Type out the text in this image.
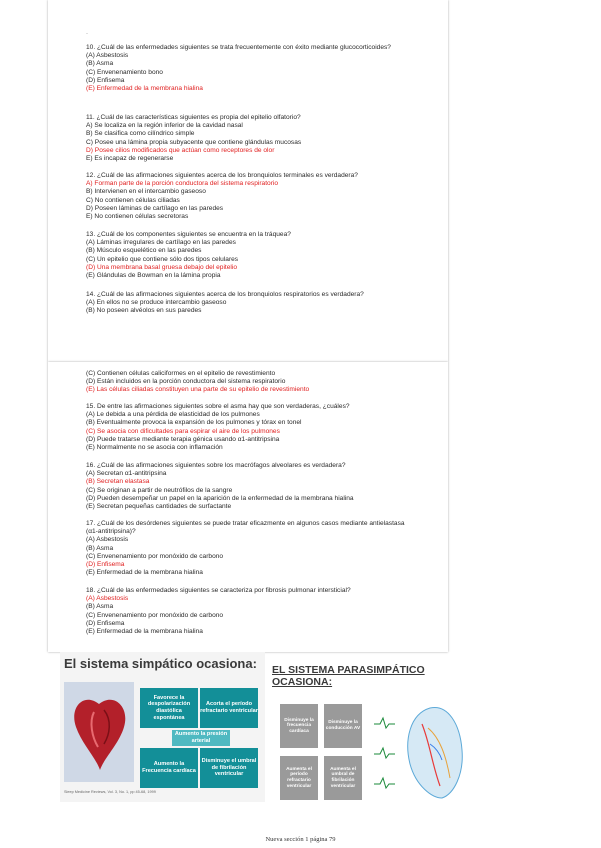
·
10. ¿Cuál de las enfermedades siguientes se trata frecuentemente con éxito mediante glucocorticoides?
(A) Asbestosis
(B) Asma
(C) Envenenamiento bono
(D) Enfisema
(E) Enfermedad de la membrana hialina
11. ¿Cuál de las características siguientes es propia del epitelio olfatorio?
A) Se localiza en la región inferior de la cavidad nasal
B) Se clasifica como cilíndrico simple
C) Posee una lámina propia subyacente que contiene glándulas mucosas
D) Posee cilios modificados que actúan como receptores de olor
E) Es incapaz de regenerarse
12. ¿Cuál de las afirmaciones siguientes acerca de los bronquiolos terminales es verdadera?
A) Forman parte de la porción conductora del sistema respiratorio
B) Intervienen en el intercambio gaseoso
C) No contienen células ciliadas
D) Poseen láminas de cartílago en las paredes
E) No contienen células secretoras
13. ¿Cuál de los componentes siguientes se encuentra en la tráquea?
(A) Láminas irregulares de cartílago en las paredes
(B) Músculo esquelético en las paredes
(C) Un epitelio que contiene sólo dos tipos celulares
(D) Una membrana basal gruesa debajo del epitelio
(E) Glándulas de Bowman en la lámina propia
14. ¿Cuál de las afirmaciones siguientes acerca de los bronquiolos respiratorios es verdadera?
(A) En ellos no se produce intercambio gaseoso
(B) No poseen alvéolos en sus paredes
(C) Contienen células caliciformes en el epitelio de revestimiento
(D) Están incluidos en la porción conductora del sistema respiratorio
(E) Las células ciliadas constituyen una parte de su epitelio de revestimiento
15. De entre las afirmaciones siguientes sobre el asma hay que son verdaderas, ¿cuáles?
(A) Le debida a una pérdida de elasticidad de los pulmones
(B) Eventualmente provoca la expansión de los pulmones y tórax en tonel
(C) Se asocia con dificultades para espirar el aire de los pulmones
(D) Puede tratarse mediante terapia génica usando α1-antitripsina
(E) Normalmente no se asocia con inflamación
16. ¿Cuál de las afirmaciones siguientes sobre los macrófagos alveolares es verdadera?
(A) Secretan α1-antitripsina
(B) Secretan elastasa
(C) Se originan a partir de neutrófilos de la sangre
(D) Pueden desempeñar un papel en la aparición de la enfermedad de la membrana hialina
(E) Secretan pequeñas cantidades de surfactante
17. ¿Cuál de los desórdenes siguientes se puede tratar eficazmente en algunos casos mediante antielastasa (α1-antitripsina)?
(A) Asbestosis
(B) Asma
(C) Envenenamiento por monóxido de carbono
(D) Enfisema
(E) Enfermedad de la membrana hialina
18. ¿Cuál de las enfermedades siguientes se caracteriza por fibrosis pulmonar intersticial?
(A) Asbestosis
(B) Asma
(C) Envenenamiento por monóxido de carbono
(D) Enfisema
(E) Enfermedad de la membrana hialina
El sistema simpático ocasiona:
Favorece la despolarización diastólica espontánea
Acorta el período refractario ventricular
Aumento la presión arterial
Aumento la Frecuencia cardíaca
Disminuye el umbral de fibrilación ventricular
Sleep Medicine Reviews, Vol. 3, No. 1, pp 45-68, 1999
EL SISTEMA PARASIMPÁTICO
OCASIONA:
Disminuye la frecuencia cardíaca
Disminuye la conducción AV
Aumenta el período refractario ventricular
Aumenta el umbral de fibrilación ventricular
Nueva sección 1 página 79
